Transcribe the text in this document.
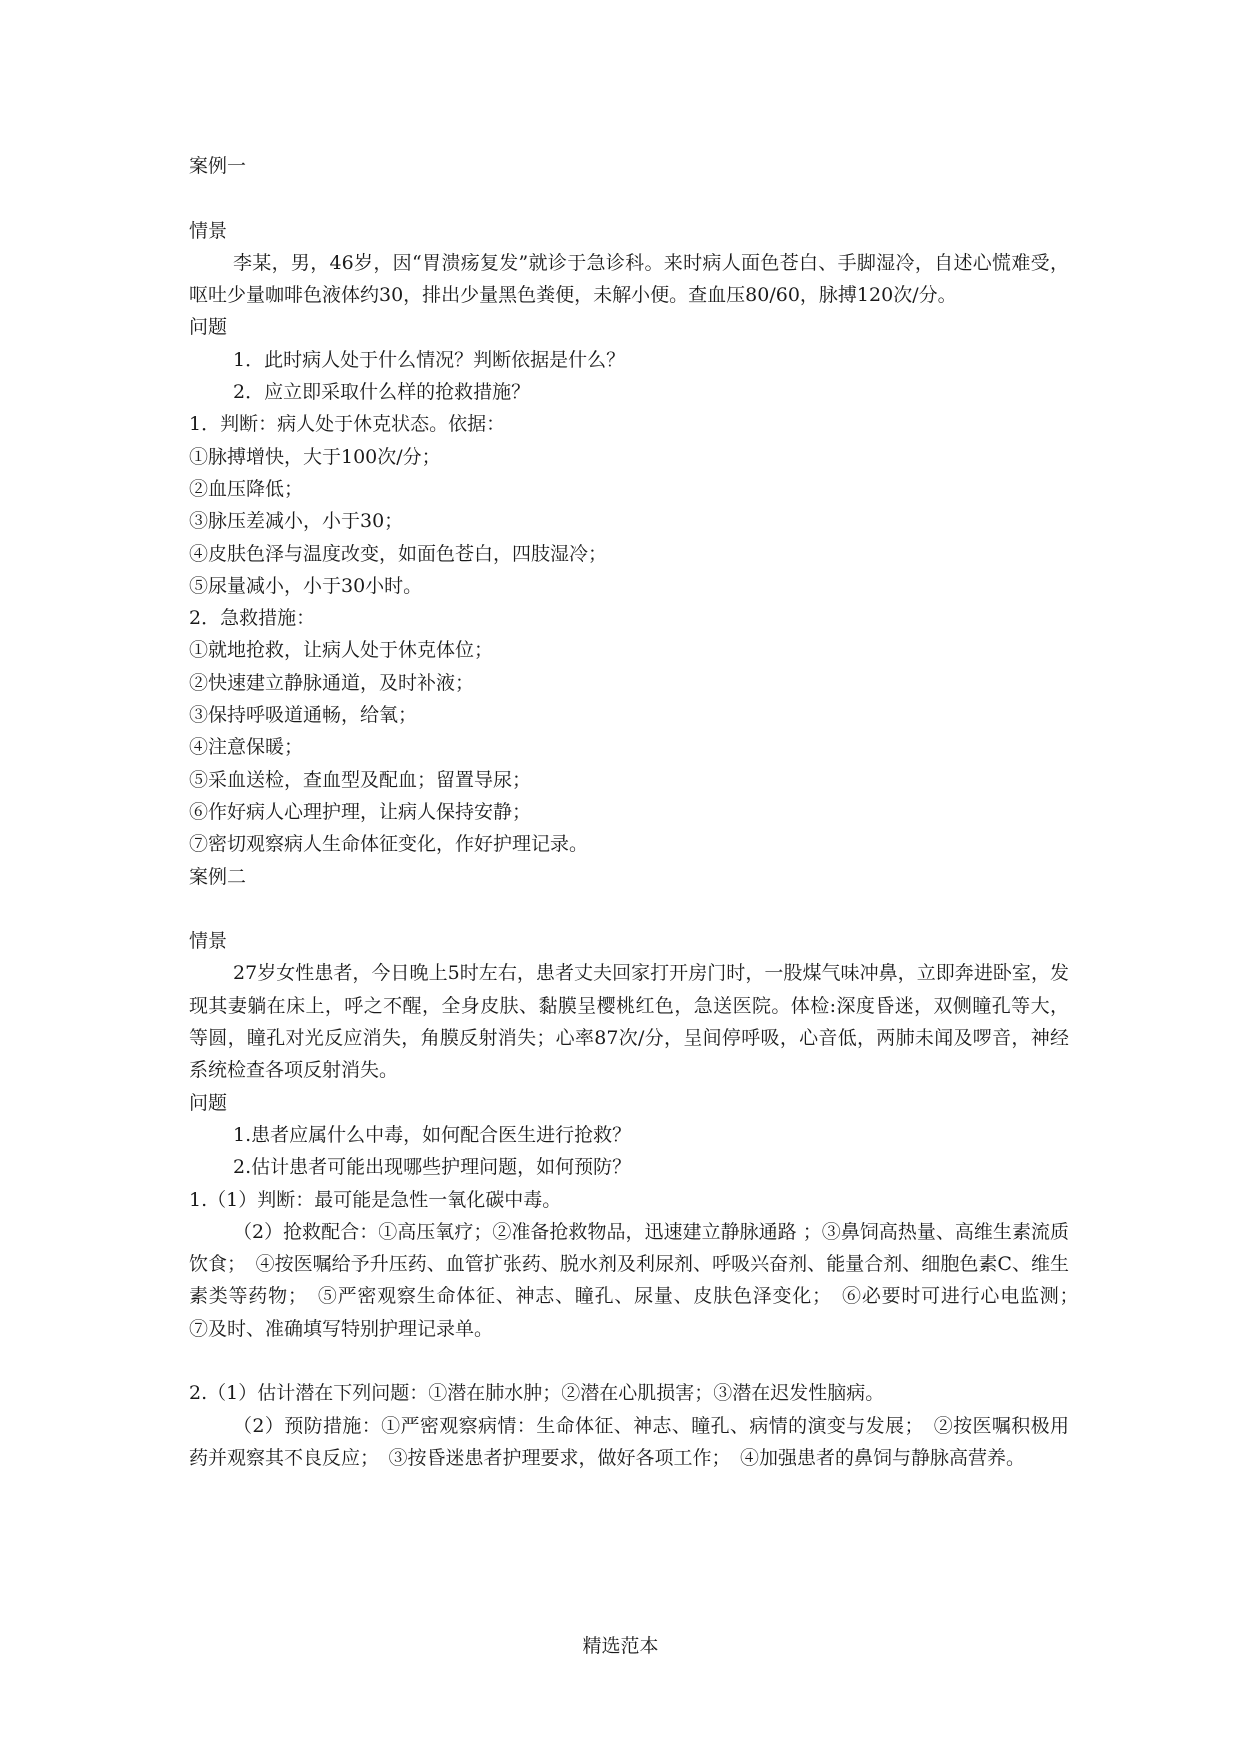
案例一

情景

李某，男，46岁，因“胃溃疡复发”就诊于急诊科。来时病人面色苍白、手脚湿冷，自述心慌难受，呕吐少量咖啡色液体约30，排出少量黑色粪便，未解小便。查血压80/60，脉搏120次/分。

问题

1．此时病人处于什么情况？判断依据是什么？

2．应立即采取什么样的抢救措施？

1．判断：病人处于休克状态。依据：

①脉搏增快，大于100次/分；

②血压降低；

③脉压差减小，小于30；

④皮肤色泽与温度改变，如面色苍白，四肢湿冷；

⑤尿量减小，小于30小时。

2．急救措施：

①就地抢救，让病人处于休克体位；

②快速建立静脉通道，及时补液；

③保持呼吸道通畅，给氧；

④注意保暖；

⑤采血送检，查血型及配血；留置导尿；

⑥作好病人心理护理，让病人保持安静；

⑦密切观察病人生命体征变化，作好护理记录。

案例二

情景

27岁女性患者，今日晚上5时左右，患者丈夫回家打开房门时，一股煤气味冲鼻，立即奔进卧室，发现其妻躺在床上，呼之不醒，全身皮肤、黏膜呈樱桃红色，急送医院。体检:深度昏迷，双侧瞳孔等大，等圆，瞳孔对光反应消失，角膜反射消失；心率87次/分，呈间停呼吸，心音低，两肺未闻及啰音，神经系统检查各项反射消失。

问题

1.患者应属什么中毒，如何配合医生进行抢救？

2.估计患者可能出现哪些护理问题，如何预防？

1.（1）判断：最可能是急性一氧化碳中毒。

（2）抢救配合：①高压氧疗；②准备抢救物品，迅速建立静脉通路 ；③鼻饲高热量、高维生素流质饮食；　④按医嘱给予升压药、血管扩张药、脱水剂及利尿剂、呼吸兴奋剂、能量合剂、细胞色素C、维生素类等药物；　⑤严密观察生命体征、神志、瞳孔、尿量、皮肤色泽变化；　⑥必要时可进行心电监测；　⑦及时、准确填写特别护理记录单。

2.（1）估计潜在下列问题：①潜在肺水肿；②潜在心肌损害；③潜在迟发性脑病。

（2）预防措施：①严密观察病情：生命体征、神志、瞳孔、病情的演变与发展；　②按医嘱积极用药并观察其不良反应；　③按昏迷患者护理要求，做好各项工作；　④加强患者的鼻饲与静脉高营养。

精选范本
